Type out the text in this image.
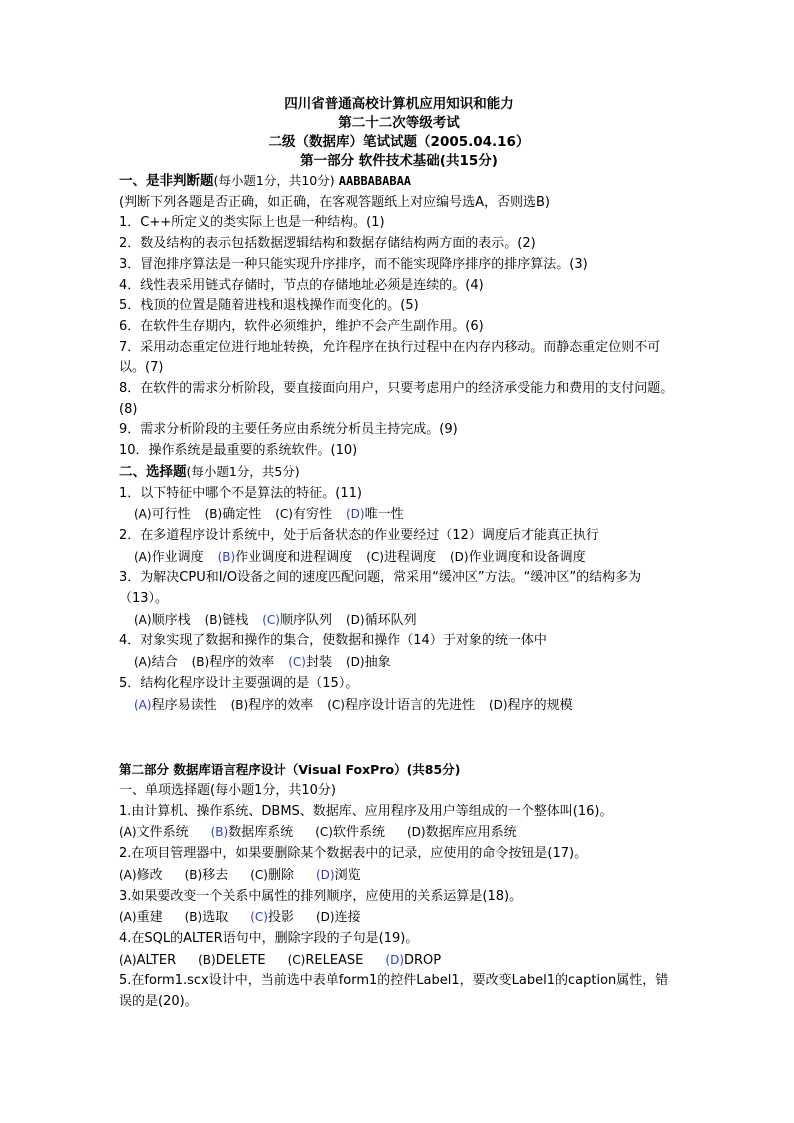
四川省普通高校计算机应用知识和能力
第二十二次等级考试
二级（数据库）笔试试题（2005.04.16）
第一部分 软件技术基础(共15分)
一、是非判断题(每小题1分，共10分) AABBABABAA
(判断下列各题是否正确，如正确，在客观答题纸上对应编号选A，否则选B)
1．C++所定义的类实际上也是一种结构。(1)
2．数及结构的表示包括数据逻辑结构和数据存储结构两方面的表示。(2)
3．冒泡排序算法是一种只能实现升序排序，而不能实现降序排序的排序算法。(3)
4．线性表采用链式存储时，节点的存储地址必须是连续的。(4)
5．栈顶的位置是随着进栈和退栈操作而变化的。(5)
6．在软件生存期内，软件必须维护，维护不会产生副作用。(6)
7．采用动态重定位进行地址转换，允许程序在执行过程中在内存内移动。而静态重定位则不可以。(7)
8．在软件的需求分析阶段，要直接面向用户，只要考虑用户的经济承受能力和费用的支付问题。(8)
9．需求分析阶段的主要任务应由系统分析员主持完成。(9)
10．操作系统是最重要的系统软件。(10)
二、选择题(每小题1分，共5分)
1．以下特征中哪个不是算法的特征。(11)
(A)可行性 (B)确定性 (C)有穷性 (D)唯一性
2．在多道程序设计系统中，处于后备状态的作业要经过（12）调度后才能真正执行
(A)作业调度 (B)作业调度和进程调度 (C)进程调度 (D)作业调度和设备调度
3．为解决CPU和I/O设备之间的速度匹配问题，常采用“缓冲区”方法。“缓冲区”的结构多为（13）。
(A)顺序栈 (B)链栈 (C)顺序队列 (D)循环队列
4．对象实现了数据和操作的集合，使数据和操作（14）于对象的统一体中
(A)结合 (B)程序的效率 (C)封装 (D)抽象
5．结构化程序设计主要强调的是（15）。
(A)程序易读性 (B)程序的效率 (C)程序设计语言的先进性 (D)程序的规模
第二部分 数据库语言程序设计（Visual FoxPro）(共85分)
一、单项选择题(每小题1分，共10分)
1.由计算机、操作系统、DBMS、数据库、应用程序及用户等组成的一个整体叫(16)。
(A)文件系统 (B)数据库系统 (C)软件系统 (D)数据库应用系统
2.在项目管理器中，如果要删除某个数据表中的记录，应使用的命令按钮是(17)。
(A)修改 (B)移去 (C)删除 (D)浏览
3.如果要改变一个关系中属性的排列顺序，应使用的关系运算是(18)。
(A)重建 (B)选取 (C)投影 (D)连接
4.在SQL的ALTER语句中，删除字段的子句是(19)。
(A)ALTER (B)DELETE (C)RELEASE (D)DROP
5.在form1.scx设计中，当前选中表单form1的控件Label1，要改变Label1的caption属性，错误的是(20)。
